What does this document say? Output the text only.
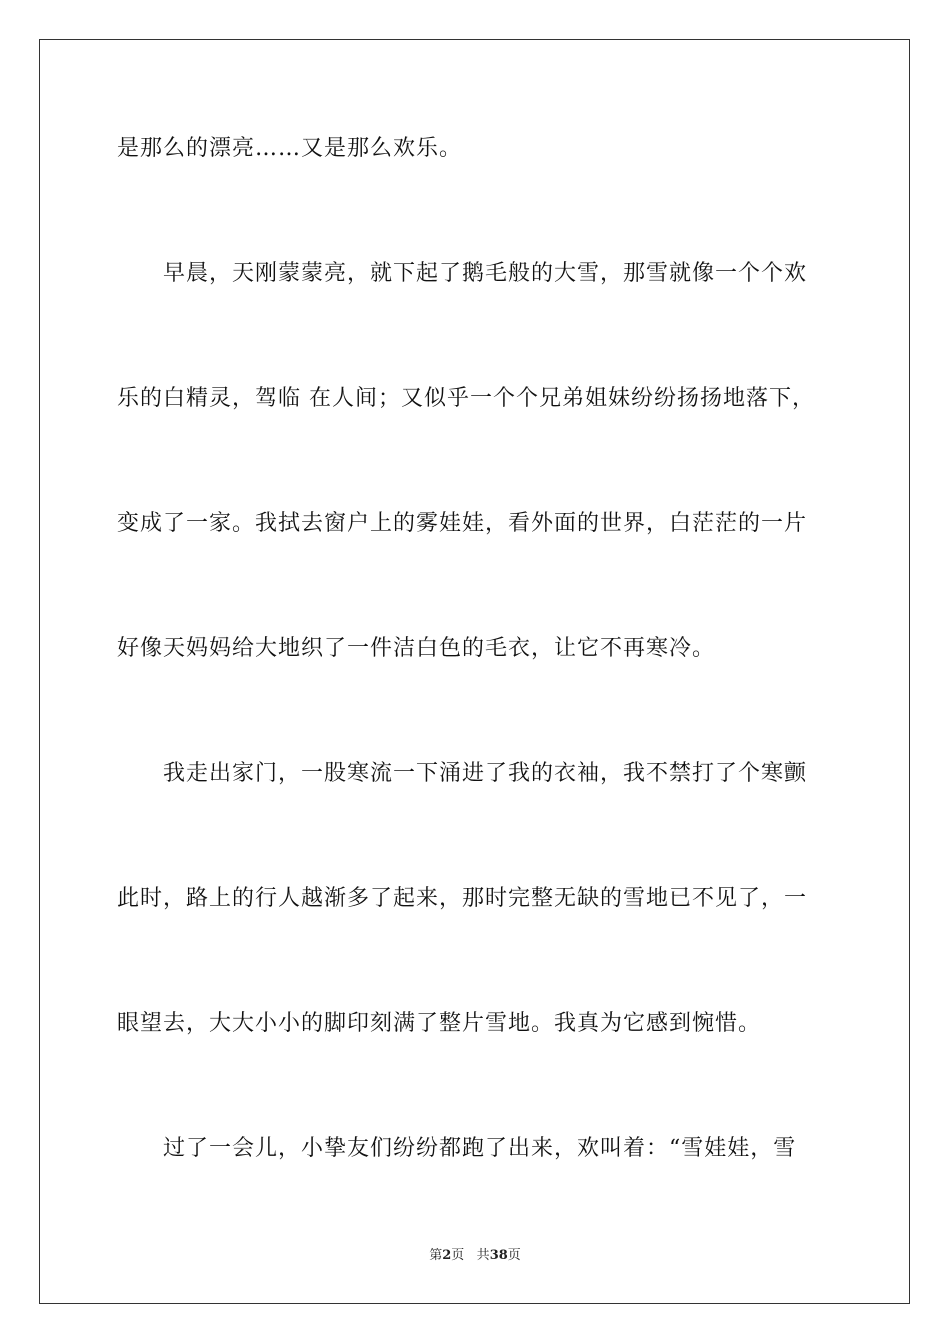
是那么的漂亮……又是那么欢乐。
　　早晨，天刚蒙蒙亮，就下起了鹅毛般的大雪，那雪就像一个个欢
乐的白精灵，驾临 在人间；又似乎一个个兄弟姐妹纷纷扬扬地落下，
变成了一家。我拭去窗户上的雾娃娃，看外面的世界，白茫茫的一片
好像天妈妈给大地织了一件洁白色的毛衣，让它不再寒冷。
　　我走出家门，一股寒流一下涌进了我的衣袖，我不禁打了个寒颤
此时，路上的行人越渐多了起来，那时完整无缺的雪地已不见了，一
眼望去，大大小小的脚印刻满了整片雪地。我真为它感到惋惜。
　　过了一会儿，小挚友们纷纷都跑了出来，欢叫着：“雪娃娃，雪
第2页 共38页
